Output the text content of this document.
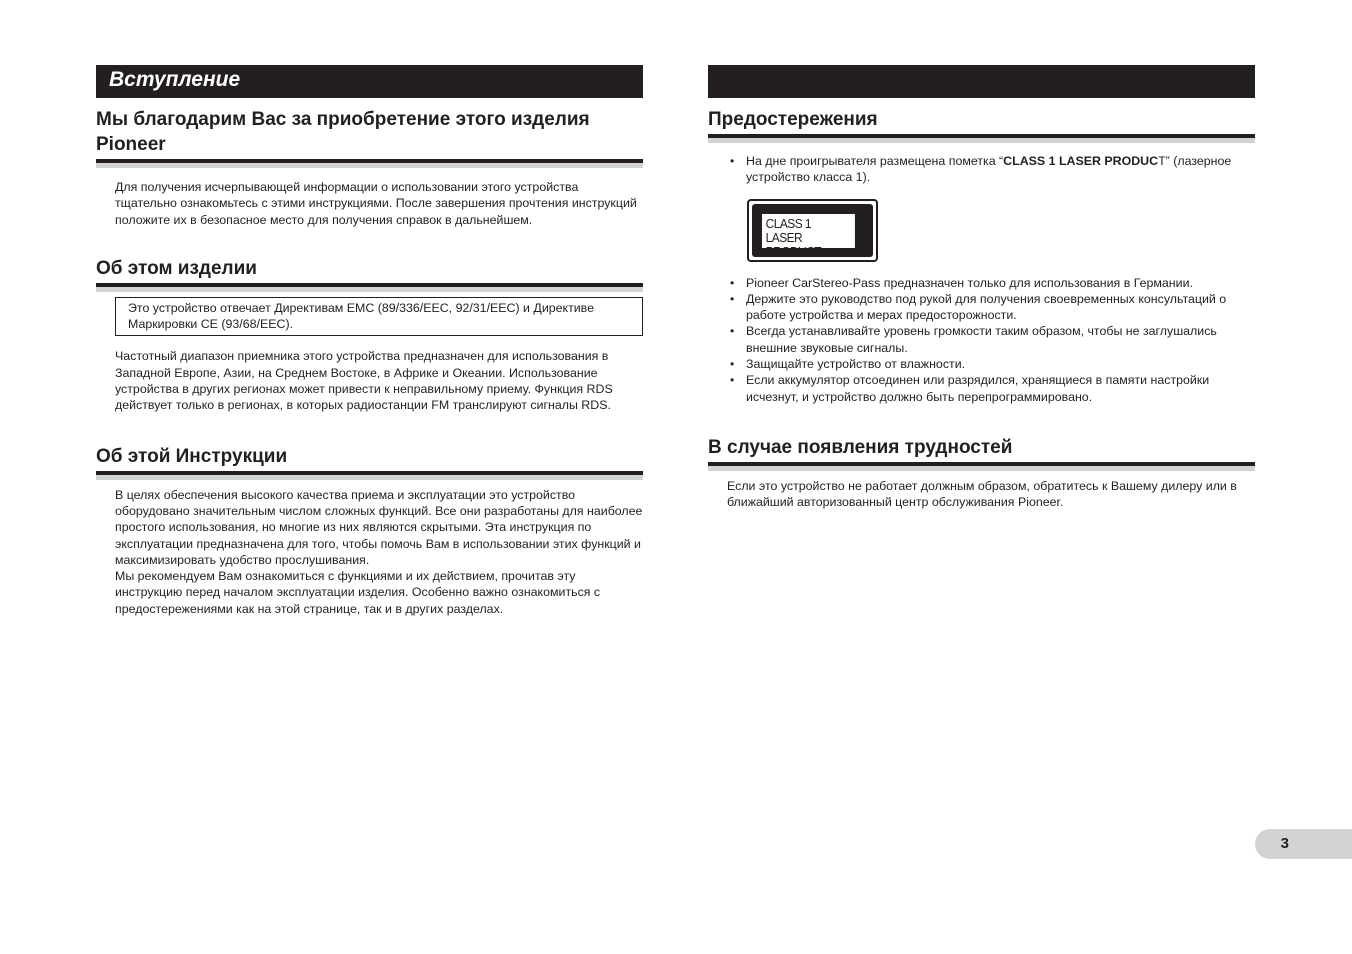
Вступление
Мы благодарим Вас за приобретение этого изделия Pioneer

Для получения исчерпывающей информации о использовании этого устройства тщательно ознакомьтесь с этими инструкциями. После завершения прочтения инструкций положите их в безопасное место для получения справок в дальнейшем.

Об этом изделии
Это устройство отвечает Директивам EMC (89/336/EEC, 92/31/EEC) и Директиве Маркировки CE (93/68/EEC).

Частотный диапазон приемника этого устройства предназначен для использования в Западной Европе, Азии, на Среднем Востоке, в Африке и Океании. Использование устройства в других регионах может привести к неправильному приему. Функция RDS действует только в регионах, в которых радиостанции FM транслируют сигналы RDS.

Об этой Инструкции

В целях обеспечения высокого качества приема и эксплуатации это устройство оборудовано значительным числом сложных функций. Все они разработаны для наиболее простого использования, но многие из них являются скрытыми. Эта инструкция по эксплуатации предназначена для того, чтобы помочь Вам в использовании этих функций и максимизировать удобство прослушивания.

Мы рекомендуем Вам ознакомиться с функциями и их действием, прочитав эту инструкцию перед началом эксплуатации изделия. Особенно важно ознакомиться с предостережениями как на этой странице, так и в других разделах.

Предостережения
• На дне проигрывателя размещена пометка “CLASS 1 LASER PRODUCT” (лазерное устройство класса 1).
CLASS 1
LASER PRODUCT
• Pioneer CarStereo-Pass предназначен только для использования в Германии.
• Держите это руководство под рукой для получения своевременных консультаций о работе устройства и мерах предосторожности.
• Всегда устанавливайте уровень громкости таким образом, чтобы не заглушались внешние звуковые сигналы.
• Защищайте устройство от влажности.
• Если аккумулятор отсоединен или разрядился, хранящиеся в памяти настройки исчезнут, и устройство должно быть перепрограммировано.
В случае появления трудностей

Если это устройство не работает должным образом, обратитесь к Вашему дилеру или в ближайший авторизованный центр обслуживания Pioneer.

3
